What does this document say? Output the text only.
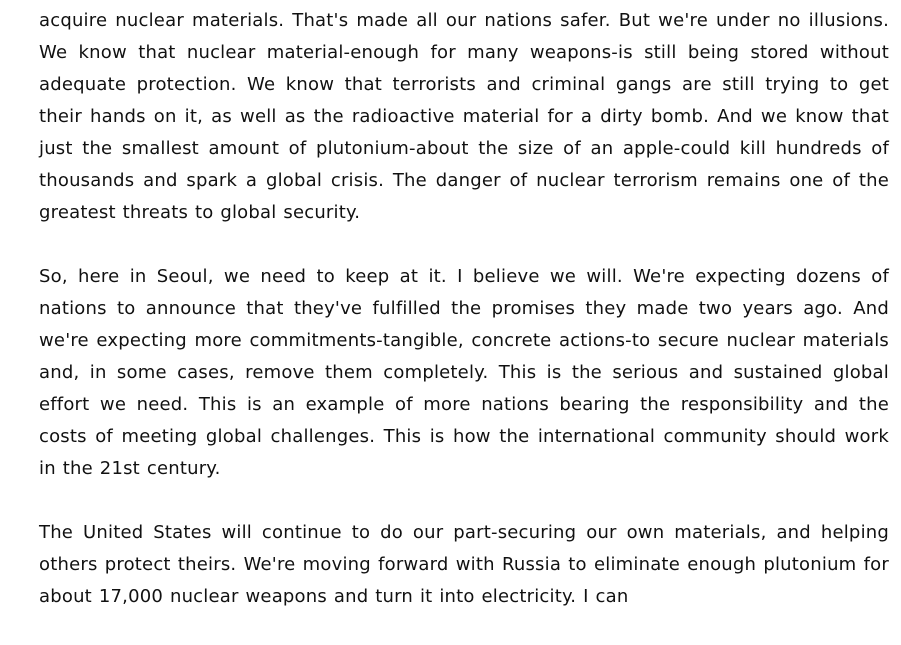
acquire nuclear materials. That's made all our nations safer. But we're under no illusions. We know that nuclear material-enough for many weapons-is still being stored without adequate protection. We know that terrorists and criminal gangs are still trying to get their hands on it, as well as the radioactive material for a dirty bomb. And we know that just the smallest amount of plutonium-about the size of an apple-could kill hundreds of thousands and spark a global crisis. The danger of nuclear terrorism remains one of the greatest threats to global security.

So, here in Seoul, we need to keep at it. I believe we will. We're expecting dozens of nations to announce that they've fulfilled the promises they made two years ago. And we're expecting more commitments-tangible, concrete actions-to secure nuclear materials and, in some cases, remove them completely. This is the serious and sustained global effort we need. This is an example of more nations bearing the responsibility and the costs of meeting global challenges. This is how the international community should work in the 21st century.

The United States will continue to do our part-securing our own materials, and helping others protect theirs. We're moving forward with Russia to eliminate enough plutonium for about 17,000 nuclear weapons and turn it into electricity. I can
